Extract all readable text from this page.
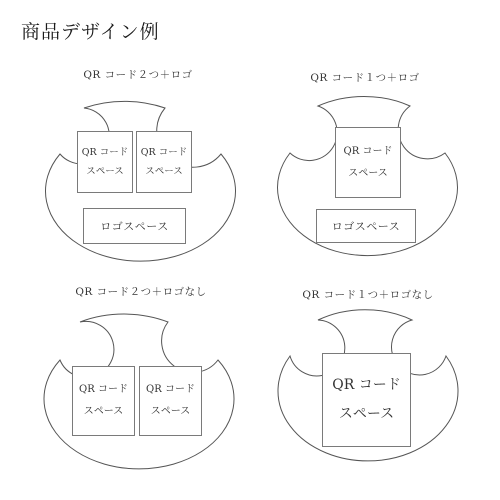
商品デザイン例
QR コード２つ＋ロゴ
QR コード
スペース
QR コード
スペース
ロゴスペース
QR コード１つ＋ロゴ
QR コード
スペース
ロゴスペース
QR コード２つ＋ロゴなし
QR コード
スペース
QR コード
スペース
QR コード１つ＋ロゴなし
QR コード
スペース
